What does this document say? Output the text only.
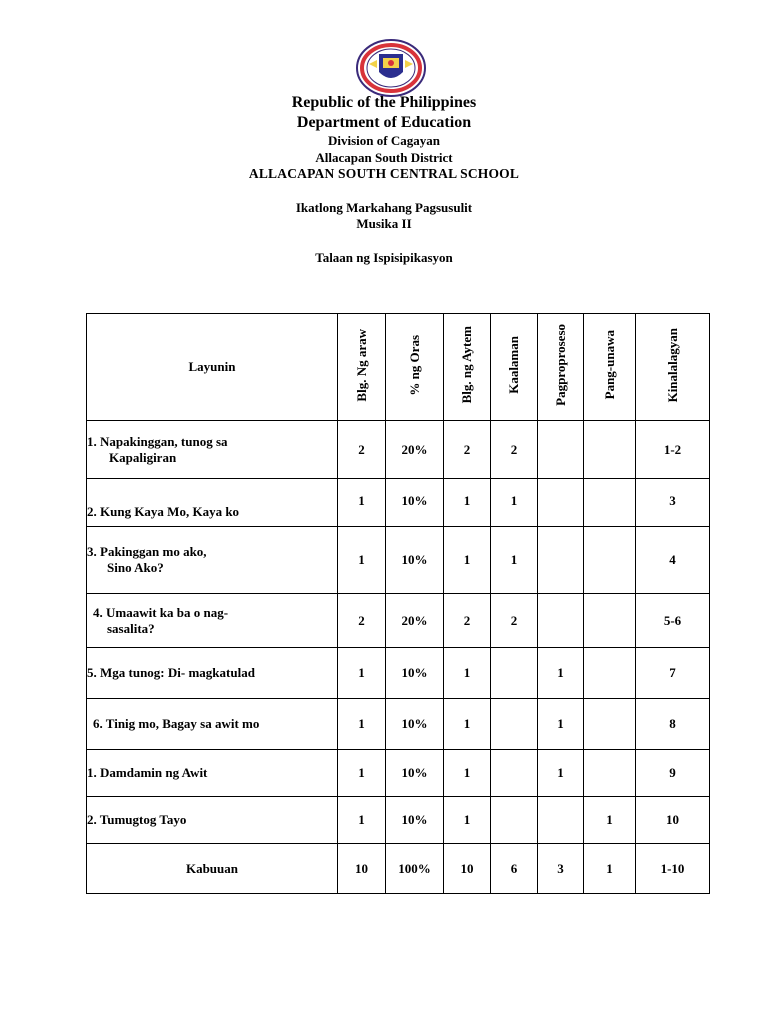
Republic of the Philippines
Department of Education
Division of Cagayan
Allacapan South District
ALLACAPAN SOUTH CENTRAL SCHOOL
Ikatlong Markahang Pagsusulit
Musika II
Talaan ng Ispisipikasyon
Layunin	Blg. Ng araw	% ng Oras	Blg. ng Aytem	Kaalaman	Pagproproseso	Pang-unawa	Kinalalagyan
1. Napakinggan, tunog sa
Kapaligiran	2	20%	2	2			1-2
2. Kung Kaya Mo, Kaya ko	1	10%	1	1			3
3. Pakinggan mo ako,
Sino Ako?	1	10%	1	1			4
4. Umaawit ka ba o nag-
sasalita?	2	20%	2	2			5-6
5. Mga tunog: Di- magkatulad	1	10%	1		1		7
6. Tinig mo, Bagay sa awit mo	1	10%	1		1		8
1. Damdamin ng Awit	1	10%	1		1		9
2. Tumugtog Tayo	1	10%	1			1	10
Kabuuan	10	100%	10	6	3	1	1-10
